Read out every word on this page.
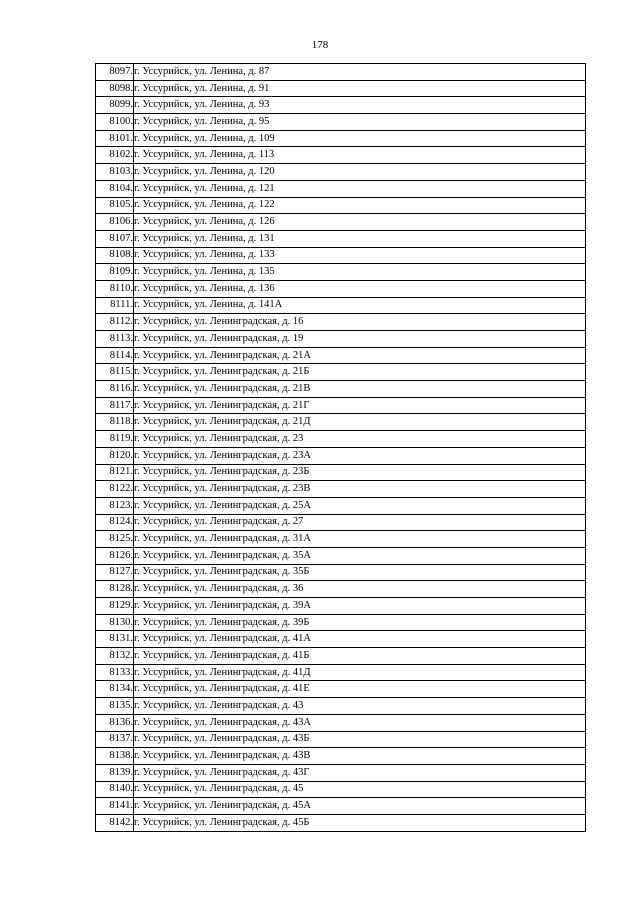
178
8097.	г. Уссурийск, ул. Ленина, д. 87
8098.	г. Уссурийск, ул. Ленина, д. 91
8099.	г. Уссурийск, ул. Ленина, д. 93
8100.	г. Уссурийск, ул. Ленина, д. 95
8101.	г. Уссурийск, ул. Ленина, д. 109
8102.	г. Уссурийск, ул. Ленина, д. 113
8103.	г. Уссурийск, ул. Ленина, д. 120
8104.	г. Уссурийск, ул. Ленина, д. 121
8105.	г. Уссурийск, ул. Ленина, д. 122
8106.	г. Уссурийск, ул. Ленина, д. 126
8107.	г. Уссурийск, ул. Ленина, д. 131
8108.	г. Уссурийск, ул. Ленина, д. 133
8109.	г. Уссурийск, ул. Ленина, д. 135
8110.	г. Уссурийск, ул. Ленина, д. 136
8111.	г. Уссурийск, ул. Ленина, д. 141А
8112.	г. Уссурийск, ул. Ленинградская, д. 16
8113.	г. Уссурийск, ул. Ленинградская, д. 19
8114.	г. Уссурийск, ул. Ленинградская, д. 21А
8115.	г. Уссурийск, ул. Ленинградская, д. 21Б
8116.	г. Уссурийск, ул. Ленинградская, д. 21В
8117.	г. Уссурийск, ул. Ленинградская, д. 21Г
8118.	г. Уссурийск, ул. Ленинградская, д. 21Д
8119.	г. Уссурийск, ул. Ленинградская, д. 23
8120.	г. Уссурийск, ул. Ленинградская, д. 23А
8121.	г. Уссурийск, ул. Ленинградская, д. 23Б
8122.	г. Уссурийск, ул. Ленинградская, д. 23В
8123.	г. Уссурийск, ул. Ленинградская, д. 25А
8124.	г. Уссурийск, ул. Ленинградская, д. 27
8125.	г. Уссурийск, ул. Ленинградская, д. 31А
8126.	г. Уссурийск, ул. Ленинградская, д. 35А
8127.	г. Уссурийск, ул. Ленинградская, д. 35Б
8128.	г. Уссурийск, ул. Ленинградская, д. 36
8129.	г. Уссурийск, ул. Ленинградская, д. 39А
8130.	г. Уссурийск, ул. Ленинградская, д. 39Б
8131.	г. Уссурийск, ул. Ленинградская, д. 41А
8132.	г. Уссурийск, ул. Ленинградская, д. 41Б
8133.	г. Уссурийск, ул. Ленинградская, д. 41Д
8134.	г. Уссурийск, ул. Ленинградская, д. 41Е
8135.	г. Уссурийск, ул. Ленинградская, д. 43
8136.	г. Уссурийск, ул. Ленинградская, д. 43А
8137.	г. Уссурийск, ул. Ленинградская, д. 43Б
8138.	г. Уссурийск, ул. Ленинградская, д. 43В
8139.	г. Уссурийск, ул. Ленинградская, д. 43Г
8140.	г. Уссурийск, ул. Ленинградская, д. 45
8141.	г. Уссурийск, ул. Ленинградская, д. 45А
8142.	г. Уссурийск, ул. Ленинградская, д. 45Б
